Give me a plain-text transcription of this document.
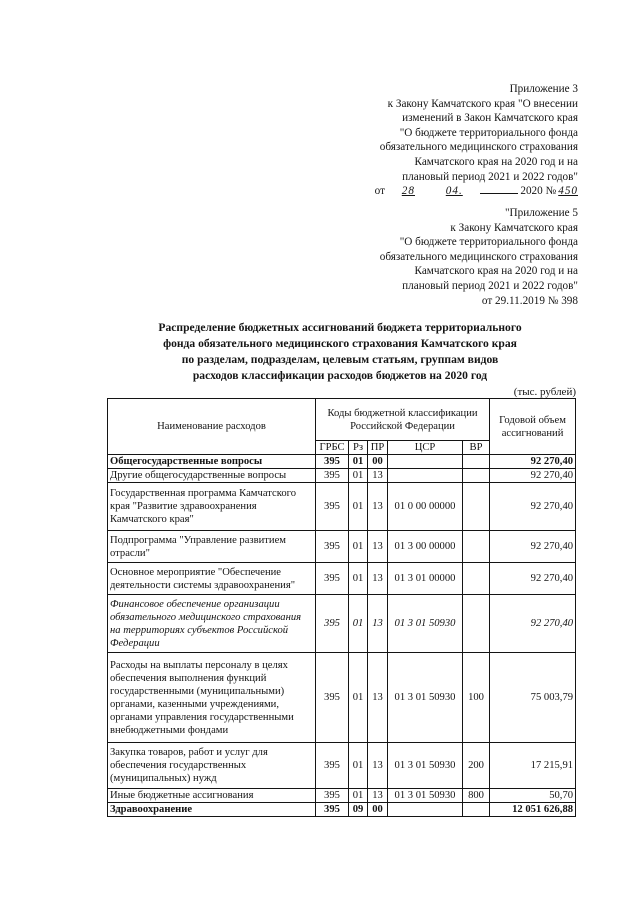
Приложение 3
к Закону Камчатского края "О внесении
изменений в Закон Камчатского края
"О бюджете территориального фонда
обязательного медицинского страхования
Камчатского края на 2020 год и на
плановый период 2021 и 2022 годов"
от 28	04.	2020 № 450
"Приложение 5
к Закону Камчатского края
"О бюджете территориального фонда
обязательного медицинского страхования
Камчатского края на 2020 год и на
плановый период 2021 и 2022 годов"
от 29.11.2019 № 398
Распределение бюджетных ассигнований бюджета территориального
фонда обязательного медицинского страхования Камчатского края
по разделам, подразделам, целевым статьям, группам видов
расходов классификации расходов бюджетов на 2020 год
(тыс. рублей)
Наименование расходов	Коды бюджетной классификации Российской Федерации					Годовой объем ассигнований
	ГРБС	Рз	ПР	ЦСР	ВР	
Общегосударственные вопросы	395	01	00			92 270,40
Другие общегосударственные вопросы	395	01	13			92 270,40
Государственная программа Камчатского края "Развитие здравоохранения Камчатского края"	395	01	13	01 0 00 00000		92 270,40
Подпрограмма "Управление развитием отрасли"	395	01	13	01 3 00 00000		92 270,40
Основное мероприятие "Обеспечение деятельности системы здравоохранения"	395	01	13	01 3 01 00000		92 270,40
Финансовое обеспечение организации обязательного медицинского страхования на территориях субъектов Российской Федерации	395	01	13	01 3 01 50930		92 270,40
Расходы на выплаты персоналу в целях обеспечения выполнения функций государственными (муниципальными) органами, казенными учреждениями, органами управления государственными внебюджетными фондами	395	01	13	01 3 01 50930	100	75 003,79
Закупка товаров, работ и услуг для обеспечения государственных (муниципальных) нужд	395	01	13	01 3 01 50930	200	17 215,91
Иные бюджетные ассигнования	395	01	13	01 3 01 50930	800	50,70
Здравоохранение	395	09	00			12 051 626,88
